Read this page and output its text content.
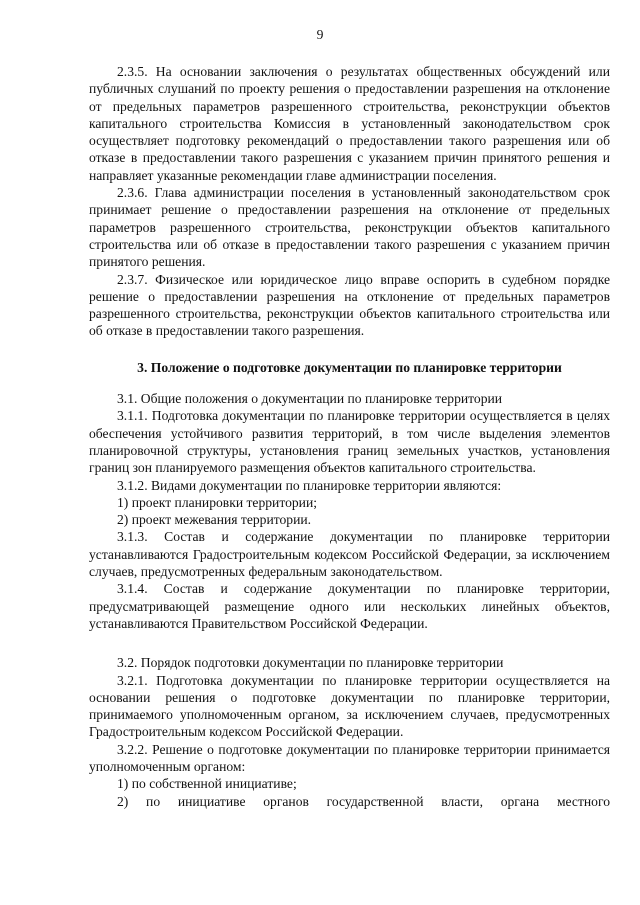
9

2.3.5. На основании заключения о результатах общественных обсуждений или публичных слушаний по проекту решения о предоставлении разрешения на отклонение от предельных параметров разрешенного строительства, реконструкции объектов капитального строительства Комиссия в установленный законодательством срок осуществляет подготовку рекомендаций о предоставлении такого разрешения или об отказе в предоставлении такого разрешения с указанием причин принятого решения и направляет указанные рекомендации главе администрации поселения.

2.3.6. Глава администрации поселения в установленный законодательством срок принимает решение о предоставлении разрешения на отклонение от предельных параметров разрешенного строительства, реконструкции объектов капитального строительства или об отказе в предоставлении такого разрешения с указанием причин принятого решения.

2.3.7. Физическое или юридическое лицо вправе оспорить в судебном порядке решение о предоставлении разрешения на отклонение от предельных параметров разрешенного строительства, реконструкции объектов капитального строительства или об отказе в предоставлении такого разрешения.

3. Положение о подготовке документации по планировке территории

3.1. Общие положения о документации по планировке территории

3.1.1. Подготовка документации по планировке территории осуществляется в целях обеспечения устойчивого развития территорий, в том числе выделения элементов планировочной структуры, установления границ земельных участков, установления границ зон планируемого размещения объектов капитального строительства.

3.1.2. Видами документации по планировке территории являются:

1) проект планировки территории;

2) проект межевания территории.

3.1.3. Состав и содержание документации по планировке территории устанавливаются Градостроительным кодексом Российской Федерации, за исключением случаев, предусмотренных федеральным законодательством.

3.1.4. Состав и содержание документации по планировке территории, предусматривающей размещение одного или нескольких линейных объектов, устанавливаются Правительством Российской Федерации.

3.2. Порядок подготовки документации по планировке территории

3.2.1. Подготовка документации по планировке территории осуществляется на основании решения о подготовке документации по планировке территории, принимаемого уполномоченным органом, за исключением случаев, предусмотренных Градостроительным кодексом Российской Федерации.

3.2.2. Решение о подготовке документации по планировке территории принимается уполномоченным органом:

1) по собственной инициативе;

2) по инициативе органов государственной власти, органа местного
